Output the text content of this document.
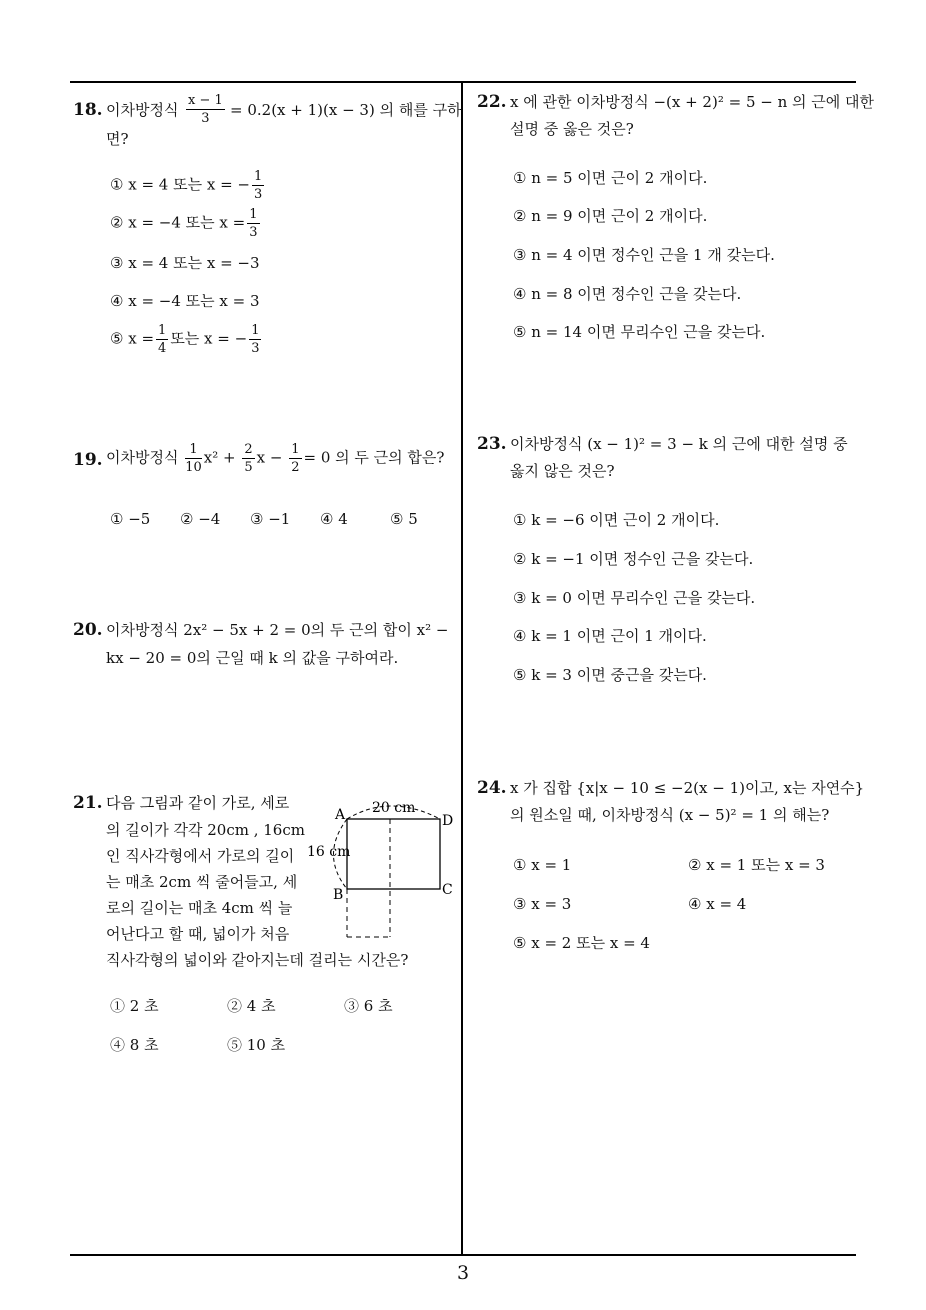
18. 이차방정식 $\frac{x - 1}{3} = 0.2(x + 1)(x - 3)$ 의 해를 구하
면?
① x = 4 또는 x = − $\frac{1}{3}$
② x = −4 또는 $x = \frac{1}{3}$
③ x = 4 또는 x = −3
④ x = −4 또는 x = 3
⑤ $x = \frac{1}{4}$ 또는 x = − $\frac{1}{3}$
19. 이차방정식 $\frac{1}{10} x^2 + \frac{2}{5}$ $x - \frac{1}{2} = 0$ 의 두 근의 합은?
① −5 ② −4 ③ −1 ④ 4	⑤ 5
20. 이차방정식 2x² − 5x + 2 = 0의 두 근의 합이 x² −
kx − 20 = 0의 근일 때 k 의 값을 구하여라.
21. 다음 그림과 같이 가로, 세로
의 길이가 각각 20cm , 16cm
인 직사각형에서 가로의 길이
는 매초 2cm 씩 줄어들고, 세
로의 길이는 매초 4cm 씩 늘
어난다고 할 때, 넓이가 처음
직사각형의 넓이와 같아지는데 걸리는 시간은?
A	D
B	C
20 cm
16 cm
① 2 초	② 4 초	③ 6 초
④ 8 초	⑤ 10 초
22. x 에 관한 이차방정식 −(x + 2)² = 5 − n 의 근에 대한
설명 중 옳은 것은?
① n = 5 이면 근이 2 개이다.
② n = 9 이면 근이 2 개이다.
③ n = 4 이면 정수인 근을 1 개 갖는다.
④ n = 8 이면 정수인 근을 갖는다.
⑤ n = 14 이면 무리수인 근을 갖는다.
23. 이차방정식 (x − 1)² = 3 − k 의 근에 대한 설명 중
옳지 않은 것은?
① k = −6 이면 근이 2 개이다.
② k = −1 이면 정수인 근을 갖는다.
③ k = 0 이면 무리수인 근을 갖는다.
④ k = 1 이면 근이 1 개이다.
⑤ k = 3 이면 중근을 갖는다.
24. x 가 집합 {x|x − 10 ≤ −2(x − 1)이고, x는 자연수}
의 원소일 때, 이차방정식 (x − 5)² = 1 의 해는?
① x = 1	② x = 1 또는 x = 3
③ x = 3	④ x = 4
⑤ x = 2 또는 x = 4
3
